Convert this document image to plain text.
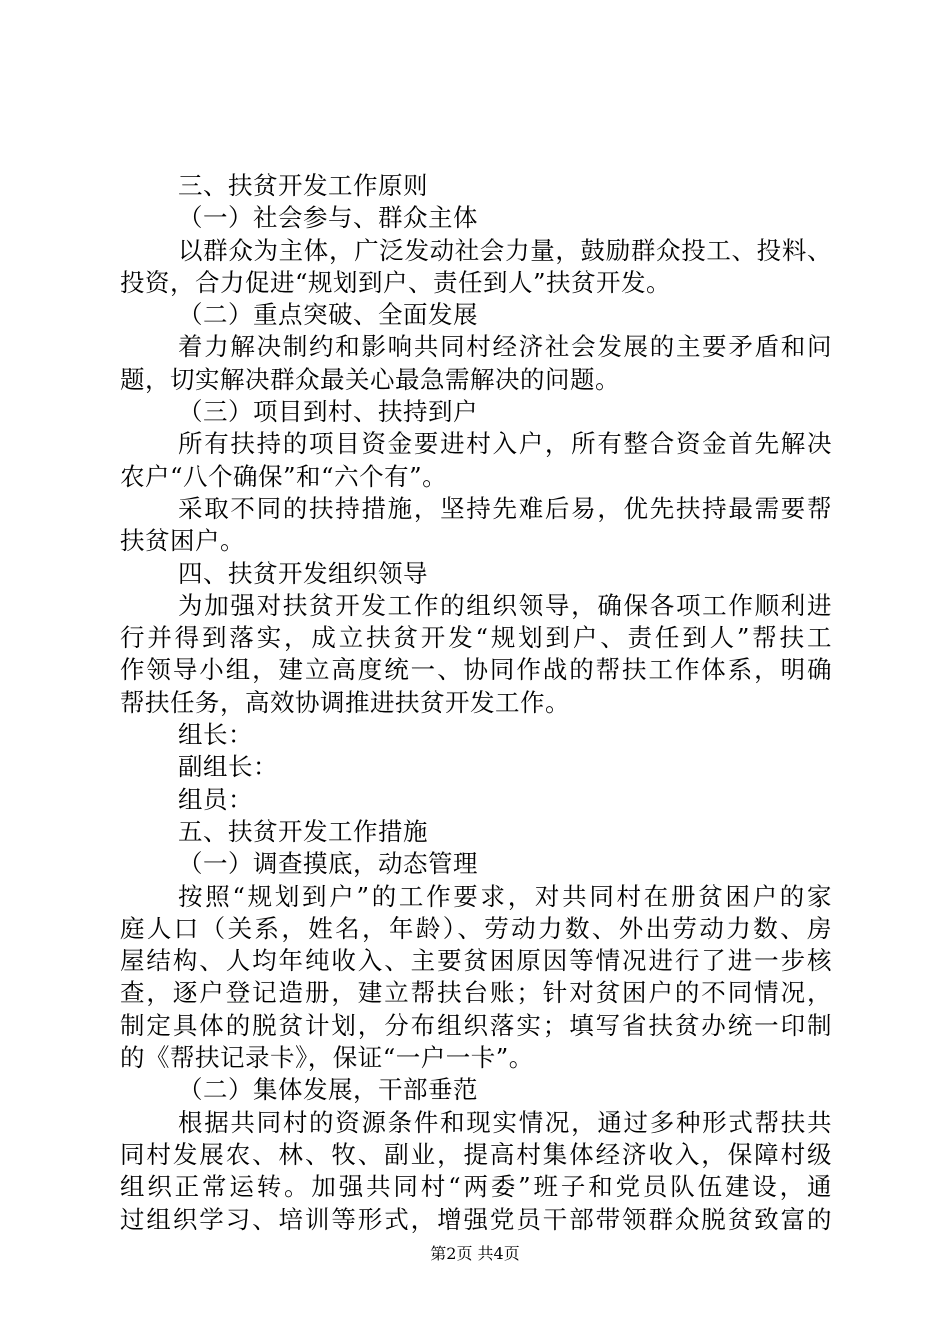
三、扶贫开发工作原则
（一）社会参与、群众主体
以群众为主体，广泛发动社会力量，鼓励群众投工、投料、
投资，合力促进“规划到户、责任到人”扶贫开发。
（二）重点突破、全面发展
着力解决制约和影响共同村经济社会发展的主要矛盾和问
题，切实解决群众最关心最急需解决的问题。
（三）项目到村、扶持到户
所有扶持的项目资金要进村入户，所有整合资金首先解决
农户“八个确保”和“六个有”。
采取不同的扶持措施，坚持先难后易，优先扶持最需要帮
扶贫困户。
四、扶贫开发组织领导
为加强对扶贫开发工作的组织领导，确保各项工作顺利进
行并得到落实，成立扶贫开发“规划到户、责任到人”帮扶工
作领导小组，建立高度统一、协同作战的帮扶工作体系，明确
帮扶任务，高效协调推进扶贫开发工作。
组长：
副组长：
组员：
五、扶贫开发工作措施
（一）调查摸底，动态管理
按照“规划到户”的工作要求，对共同村在册贫困户的家
庭人口（关系，姓名，年龄）、劳动力数、外出劳动力数、房
屋结构、人均年纯收入、主要贫困原因等情况进行了进一步核
查，逐户登记造册，建立帮扶台账；针对贫困户的不同情况，
制定具体的脱贫计划，分布组织落实；填写省扶贫办统一印制
的《帮扶记录卡》，保证“一户一卡”。
（二）集体发展，干部垂范
根据共同村的资源条件和现实情况，通过多种形式帮扶共
同村发展农、林、牧、副业，提高村集体经济收入，保障村级
组织正常运转。加强共同村“两委”班子和党员队伍建设，通
过组织学习、培训等形式，增强党员干部带领群众脱贫致富的
第2页 共4页
